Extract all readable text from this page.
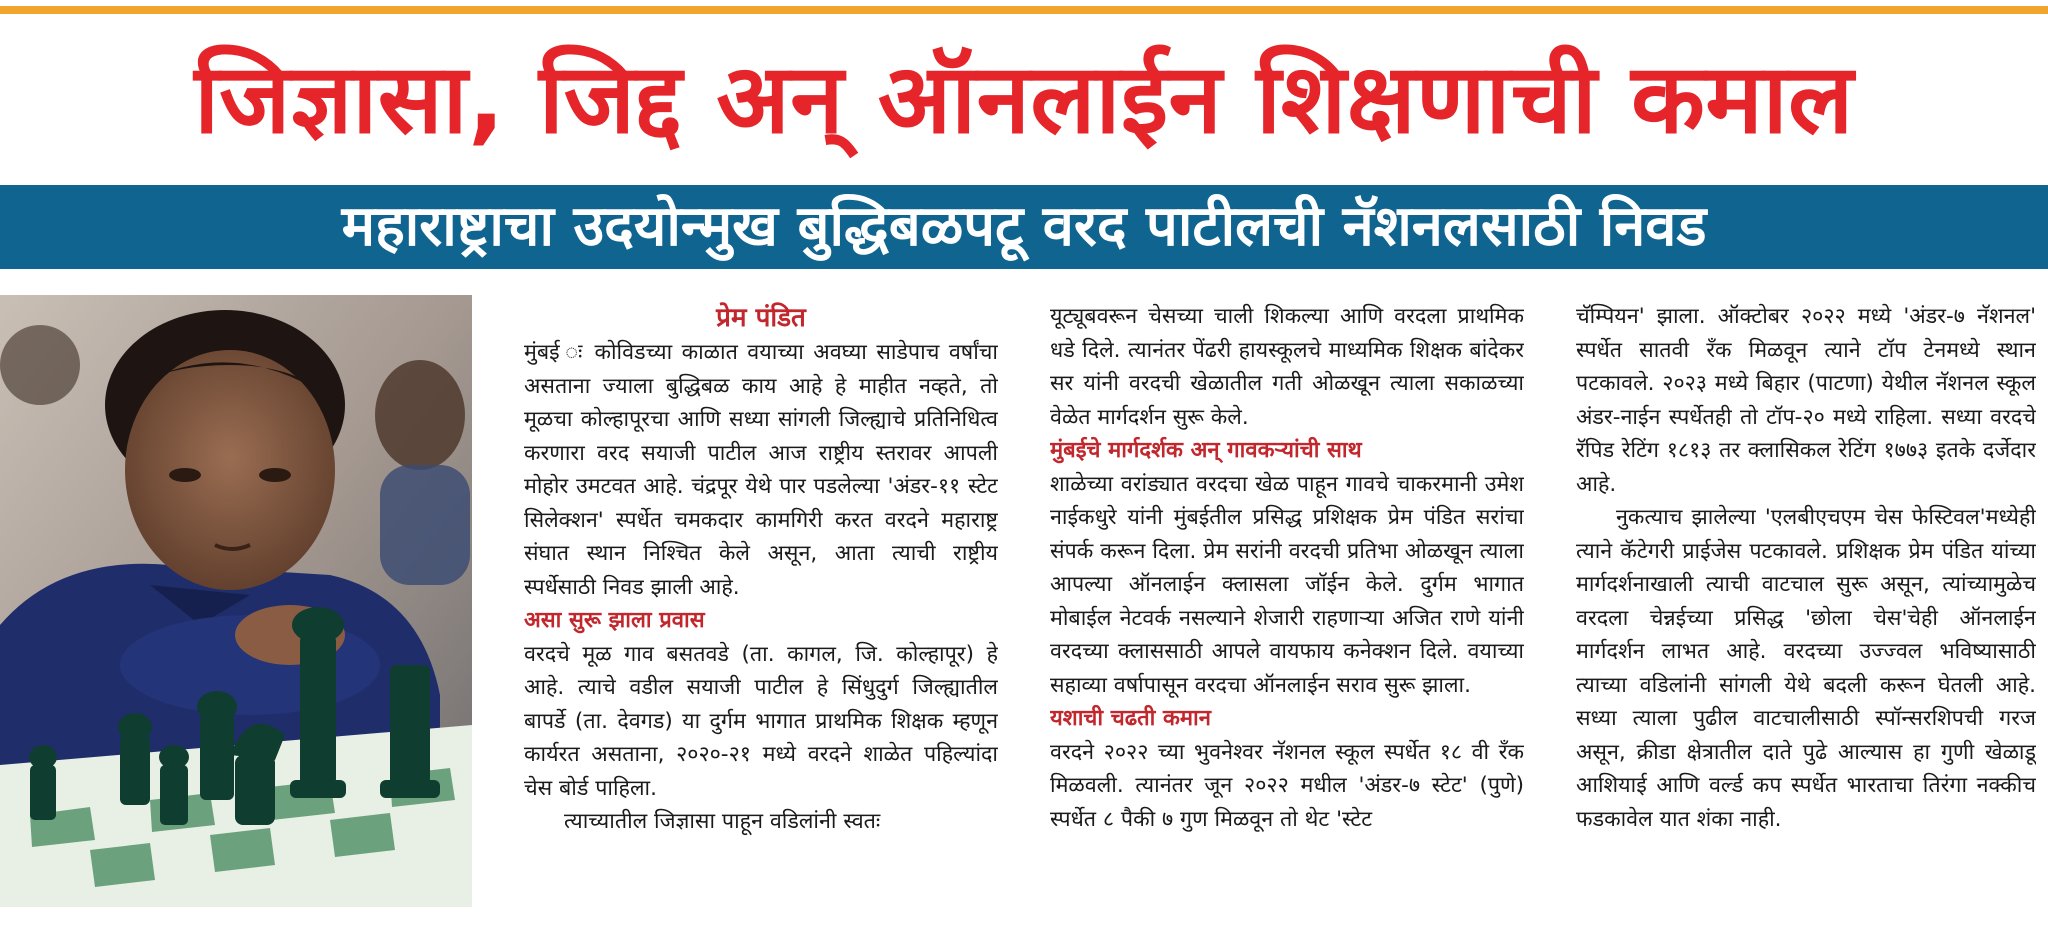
जिज्ञासा, जिद्द अन् ऑनलाईन शिक्षणाची कमाल
महाराष्ट्राचा उदयोन्मुख बुद्धिबळपटू वरद पाटीलची नॅशनलसाठी निवड
प्रेम पंडित

मुंबई ः कोविडच्या काळात वयाच्या अवघ्या साडेपाच वर्षांचा असताना ज्याला बुद्धिबळ काय आहे हे माहीत नव्हते, तो मूळचा कोल्हापूरचा आणि सध्या सांगली जिल्ह्याचे प्रतिनिधित्व करणारा वरद सयाजी पाटील आज राष्ट्रीय स्तरावर आपली मोहोर उमटवत आहे. चंद्रपूर येथे पार पडलेल्या 'अंडर-११ स्टेट सिलेक्शन' स्पर्धेत चमकदार कामगिरी करत वरदने महाराष्ट्र संघात स्थान निश्चित केले असून, आता त्याची राष्ट्रीय स्पर्धेसाठी निवड झाली आहे.

असा सुरू झाला प्रवास

वरदचे मूळ गाव बसतवडे (ता. कागल, जि. कोल्हापूर) हे आहे. त्याचे वडील सयाजी पाटील हे सिंधुदुर्ग जिल्ह्यातील बापर्डे (ता. देवगड) या दुर्गम भागात प्राथमिक शिक्षक म्हणून कार्यरत असताना, २०२०-२१ मध्ये वरदने शाळेत पहिल्यांदा चेस बोर्ड पाहिला.

त्याच्यातील जिज्ञासा पाहून वडिलांनी स्वतः

यूट्यूबवरून चेसच्या चाली शिकल्या आणि वरदला प्राथमिक धडे दिले. त्यानंतर पेंढरी हायस्कूलचे माध्यमिक शिक्षक बांदेकर सर यांनी वरदची खेळातील गती ओळखून त्याला सकाळच्या वेळेत मार्गदर्शन सुरू केले.

मुंबईचे मार्गदर्शक अन् गावकऱ्यांची साथ

शाळेच्या वरांड्यात वरदचा खेळ पाहून गावचे चाकरमानी उमेश नाईकधुरे यांनी मुंबईतील प्रसिद्ध प्रशिक्षक प्रेम पंडित सरांचा संपर्क करून दिला. प्रेम सरांनी वरदची प्रतिभा ओळखून त्याला आपल्या ऑनलाईन क्लासला जॉईन केले. दुर्गम भागात मोबाईल नेटवर्क नसल्याने शेजारी राहणाऱ्या अजित राणे यांनी वरदच्या क्लाससाठी आपले वायफाय कनेक्शन दिले. वयाच्या सहाव्या वर्षापासून वरदचा ऑनलाईन सराव सुरू झाला.

यशाची चढती कमान

वरदने २०२२ च्या भुवनेश्वर नॅशनल स्कूल स्पर्धेत १८ वी रँक मिळवली. त्यानंतर जून २०२२ मधील 'अंडर-७ स्टेट' (पुणे) स्पर्धेत ८ पैकी ७ गुण मिळवून तो थेट 'स्टेट

चॅम्पियन' झाला. ऑक्टोबर २०२२ मध्ये 'अंडर-७ नॅशनल' स्पर्धेत सातवी रँक मिळवून त्याने टॉप टेनमध्ये स्थान पटकावले. २०२३ मध्ये बिहार (पाटणा) येथील नॅशनल स्कूल अंडर-नाईन स्पर्धेतही तो टॉप-२० मध्ये राहिला. सध्या वरदचे रॅपिड रेटिंग १८१३ तर क्लासिकल रेटिंग १७७३ इतके दर्जेदार आहे.

नुकत्याच झालेल्या 'एलबीएचएम चेस फेस्टिवल'मध्येही त्याने कॅटेगरी प्राईजेस पटकावले. प्रशिक्षक प्रेम पंडित यांच्या मार्गदर्शनाखाली त्याची वाटचाल सुरू असून, त्यांच्यामुळेच वरदला चेन्नईच्या प्रसिद्ध 'छोला चेस'चेही ऑनलाईन मार्गदर्शन लाभत आहे. वरदच्या उज्ज्वल भविष्यासाठी त्याच्या वडिलांनी सांगली येथे बदली करून घेतली आहे. सध्या त्याला पुढील वाटचालीसाठी स्पॉन्सरशिपची गरज असून, क्रीडा क्षेत्रातील दाते पुढे आल्यास हा गुणी खेळाडू आशियाई आणि वर्ल्ड कप स्पर्धेत भारताचा तिरंगा नक्कीच फडकावेल यात शंका नाही.
